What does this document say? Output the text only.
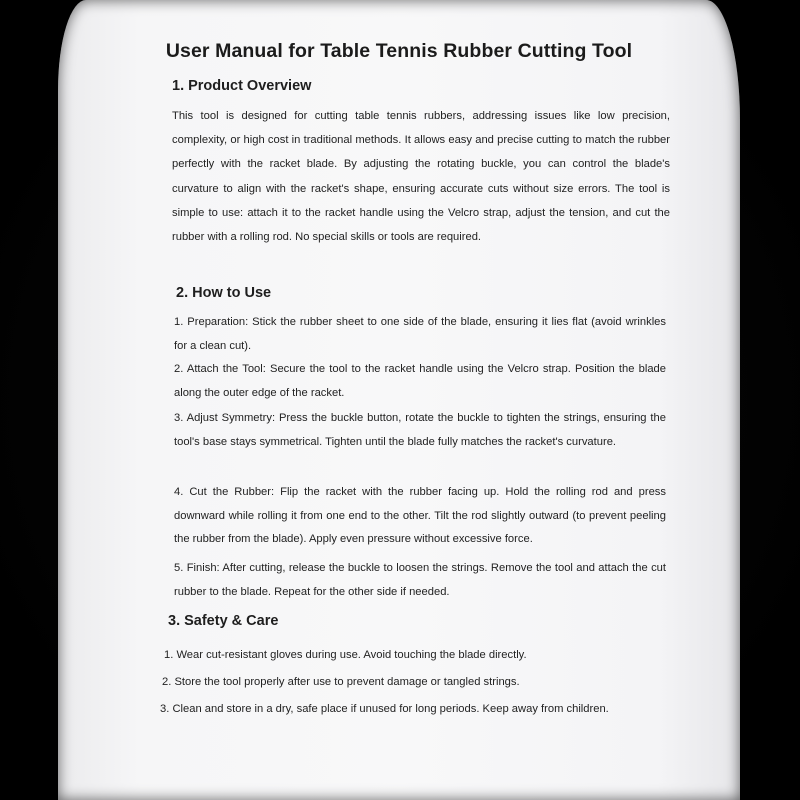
User Manual for Table Tennis Rubber Cutting Tool
1. Product Overview

This tool is designed for cutting table tennis rubbers, addressing issues like low precision, complexity, or high cost in traditional methods. It allows easy and precise cutting to match the rubber perfectly with the racket blade. By adjusting the rotating buckle, you can control the blade's curvature to align with the racket's shape, ensuring accurate cuts without size errors. The tool is simple to use: attach it to the racket handle using the Velcro strap, adjust the tension, and cut the rubber with a rolling rod. No special skills or tools are required.

2. How to Use

1. Preparation: Stick the rubber sheet to one side of the blade, ensuring it lies flat (avoid wrinkles for a clean cut).

2. Attach the Tool: Secure the tool to the racket handle using the Velcro strap. Position the blade along the outer edge of the racket.

3. Adjust Symmetry: Press the buckle button, rotate the buckle to tighten the strings, ensuring the tool's base stays symmetrical. Tighten until the blade fully matches the racket's curvature.

4. Cut the Rubber: Flip the racket with the rubber facing up. Hold the rolling rod and press downward while rolling it from one end to the other. Tilt the rod slightly outward (to prevent peeling the rubber from the blade). Apply even pressure without excessive force.

5. Finish: After cutting, release the buckle to loosen the strings. Remove the tool and attach the cut rubber to the blade. Repeat for the other side if needed.

3. Safety & Care
1. Wear cut-resistant gloves during use. Avoid touching the blade directly.
2. Store the tool properly after use to prevent damage or tangled strings.
3. Clean and store in a dry, safe place if unused for long periods. Keep away from children.
